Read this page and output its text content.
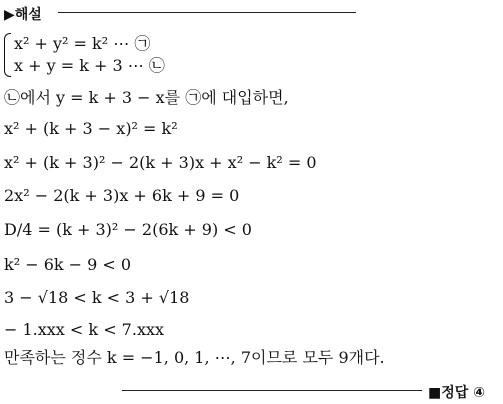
▶해설
x² + y² = k² ⋯ ㉠
x + y = k + 3 ⋯ ㉡
㉡에서 y = k + 3 − x를 ㉠에 대입하면,
x² + (k + 3 − x)² = k²
x² + (k + 3)² − 2(k + 3)x + x² − k² = 0
2x² − 2(k + 3)x + 6k + 9 = 0
D/4 = (k + 3)² − 2(6k + 9) < 0
k² − 6k − 9 < 0
3 − √18 < k < 3 + √18
− 1.xxx < k < 7.xxx
만족하는 정수 k = −1, 0, 1, ⋯, 7이므로 모두 9개다.
■정답 ④
